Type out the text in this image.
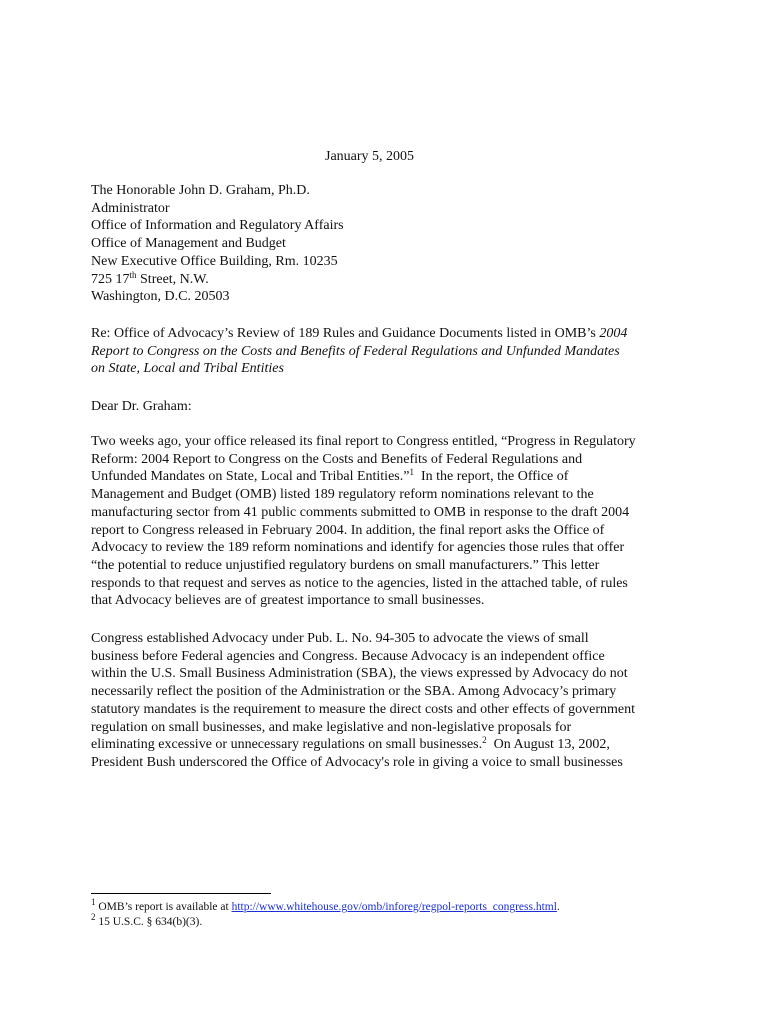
January 5, 2005
The Honorable John D. Graham, Ph.D.
Administrator
Office of Information and Regulatory Affairs
Office of Management and Budget
New Executive Office Building, Rm. 10235
725 17th Street, N.W.
Washington, D.C. 20503
Re: Office of Advocacy’s Review of 189 Rules and Guidance Documents listed in OMB’s 2004
Report to Congress on the Costs and Benefits of Federal Regulations and Unfunded Mandates
on State, Local and Tribal Entities
Dear Dr. Graham:
Two weeks ago, your office released its final report to Congress entitled, “Progress in Regulatory
Reform: 2004 Report to Congress on the Costs and Benefits of Federal Regulations and
Unfunded Mandates on State, Local and Tribal Entities.”$^1$  In the report, the Office of
Management and Budget (OMB) listed 189 regulatory reform nominations relevant to the
manufacturing sector from 41 public comments submitted to OMB in response to the draft 2004
report to Congress released in February 2004. In addition, the final report asks the Office of
Advocacy to review the 189 reform nominations and identify for agencies those rules that offer
“the potential to reduce unjustified regulatory burdens on small manufacturers.” This letter
responds to that request and serves as notice to the agencies, listed in the attached table, of rules
that Advocacy believes are of greatest importance to small businesses.
Congress established Advocacy under Pub. L. No. 94-305 to advocate the views of small
business before Federal agencies and Congress. Because Advocacy is an independent office
within the U.S. Small Business Administration (SBA), the views expressed by Advocacy do not
necessarily reflect the position of the Administration or the SBA. Among Advocacy’s primary
statutory mandates is the requirement to measure the direct costs and other effects of government
regulation on small businesses, and make legislative and non-legislative proposals for
eliminating excessive or unnecessary regulations on small businesses.$^2$  On August 13, 2002,
President Bush underscored the Office of Advocacy's role in giving a voice to small businesses
$^1$ OMB’s report is available at http://www.whitehouse.gov/omb/inforeg/regpol-reports_congress.html.
$^2$ 15 U.S.C. § 634(b)(3).
